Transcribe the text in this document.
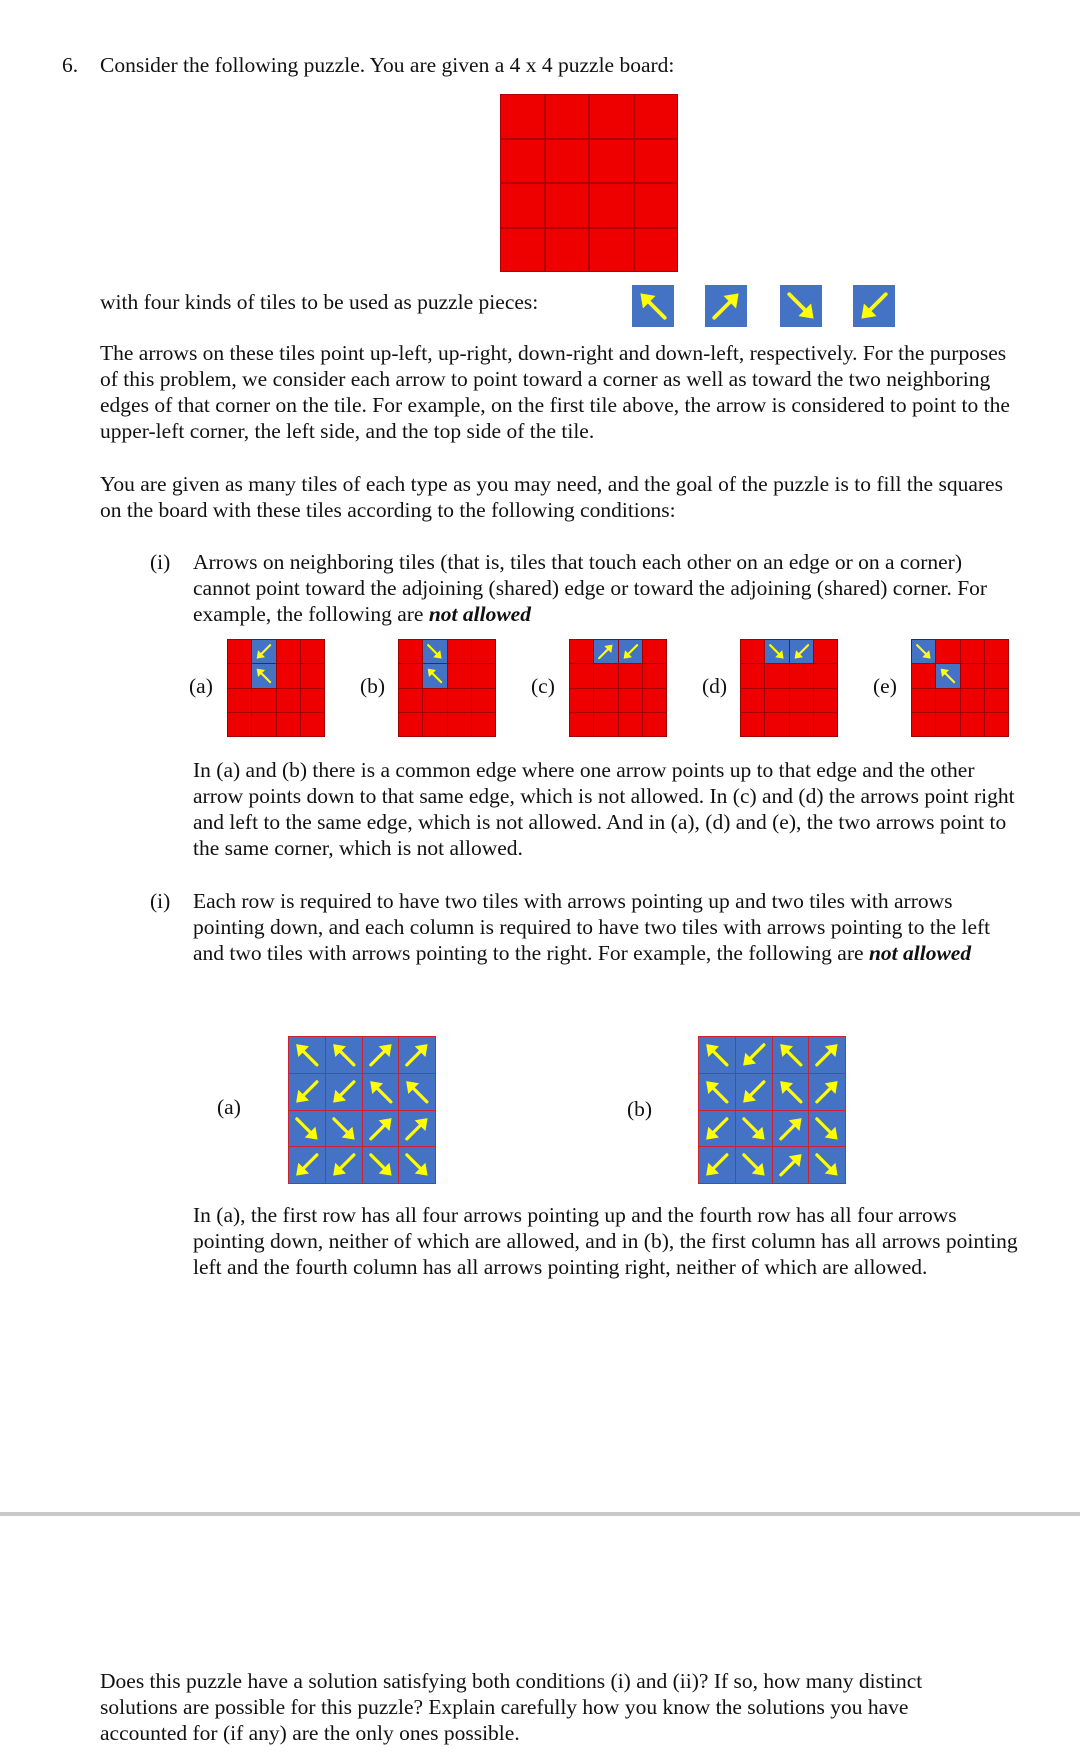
6. Consider the following puzzle. You are given a 4 x 4 puzzle board:
with four kinds of tiles to be used as puzzle pieces:

The arrows on these tiles point up-left, up-right, down-right and down-left, respectively. For the purposes of this problem, we consider each arrow to point toward a corner as well as toward the two neighboring edges of that corner on the tile. For example, on the first tile above, the arrow is considered to point to the upper-left corner, the left side, and the top side of the tile.

You are given as many tiles of each type as you may need, and the goal of the puzzle is to fill the squares on the board with these tiles according to the following conditions:

(i) Arrows on neighboring tiles (that is, tiles that touch each other on an edge or on a corner) cannot point toward the adjoining (shared) edge or toward the adjoining (shared) corner. For example, the following are not allowed

(a)	(b)	(c)	(d)	(e)

In (a) and (b) there is a common edge where one arrow points up to that edge and the other arrow points down to that same edge, which is not allowed. In (c) and (d) the arrows point right and left to the same edge, which is not allowed. And in (a), (d) and (e), the two arrows point to the same corner, which is not allowed.

(i) Each row is required to have two tiles with arrows pointing up and two tiles with arrows pointing down, and each column is required to have two tiles with arrows pointing to the left and two tiles with arrows pointing to the right. For example, the following are not allowed

(a)	(b)

In (a), the first row has all four arrows pointing up and the fourth row has all four arrows pointing down, neither of which are allowed, and in (b), the first column has all arrows pointing left and the fourth column has all arrows pointing right, neither of which are allowed.

Does this puzzle have a solution satisfying both conditions (i) and (ii)? If so, how many distinct solutions are possible for this puzzle? Explain carefully how you know the solutions you have accounted for (if any) are the only ones possible.
